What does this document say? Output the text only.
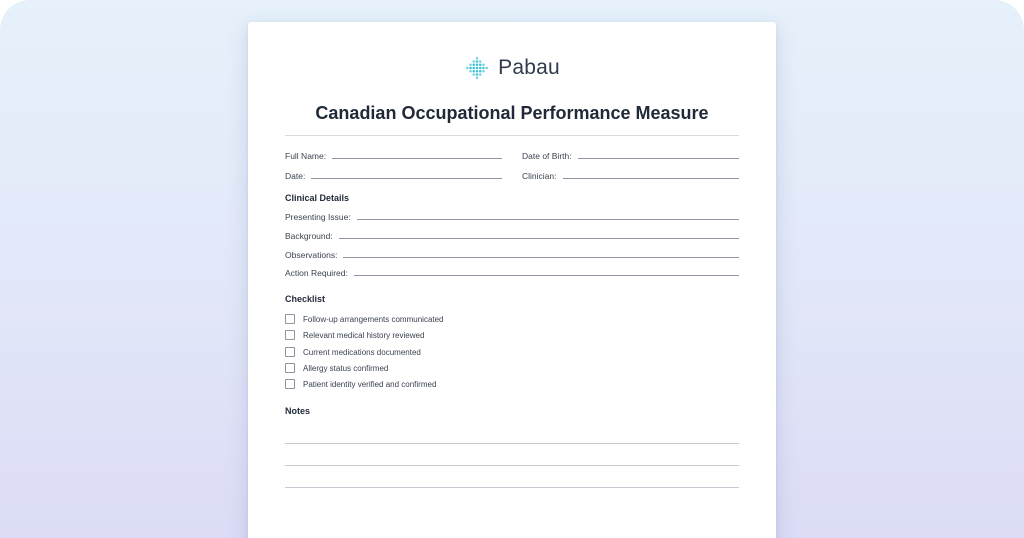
Pabau
Canadian Occupational Performance Measure
Full Name:	Date of Birth:
Date:	Clinician:
Clinical Details
Presenting Issue:
Background:
Observations:
Action Required:
Checklist
Follow-up arrangements communicated
Relevant medical history reviewed
Current medications documented
Allergy status confirmed
Patient identity verified and confirmed
Notes
